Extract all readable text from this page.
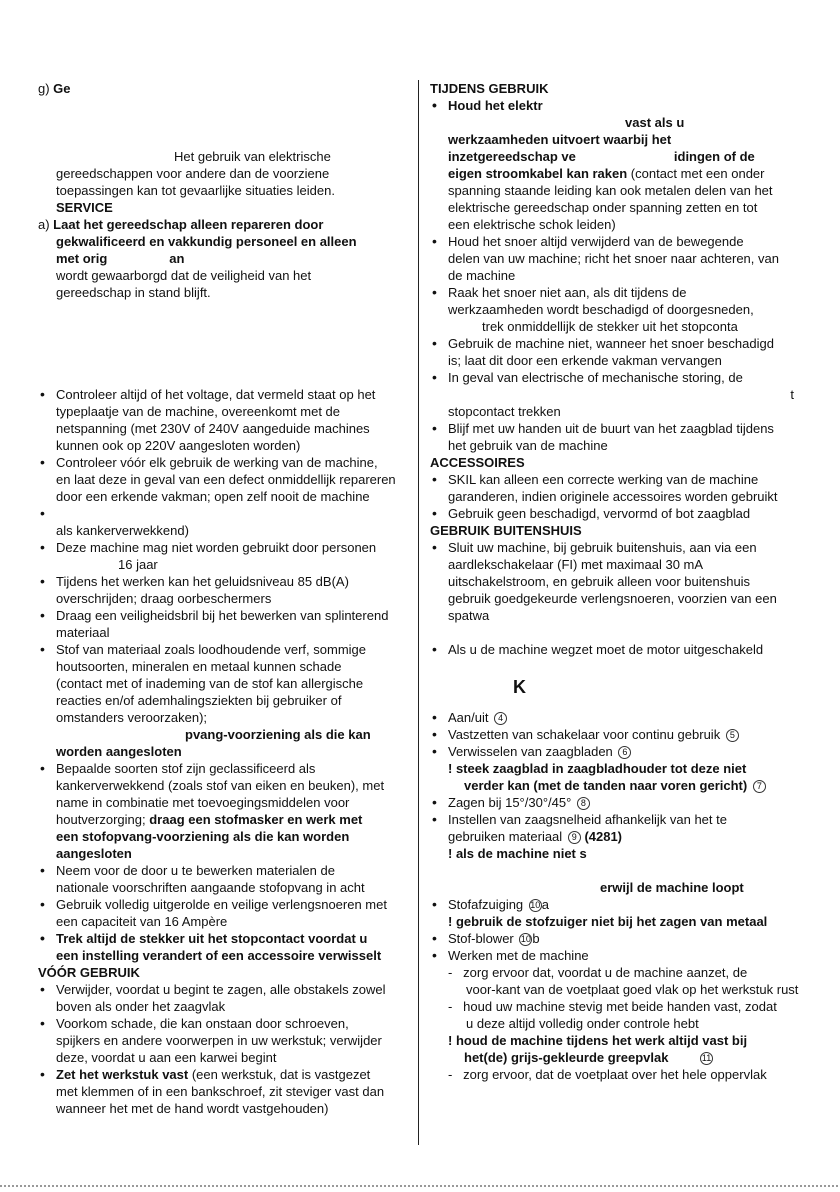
g) Ge
Het gebruik van elektrische
gereedschappen voor andere dan de voorziene
toepassingen kan tot gevaarlijke situaties leiden.
SERVICE
a) Laat het gereedschap alleen repareren door
gekwalificeerd en vakkundig personeel en alleen
met orig	an
wordt gewaarborgd dat de veiligheid van het
gereedschap in stand blijft.
• Controleer altijd of het voltage, dat vermeld staat op het
typeplaatje van de machine, overeenkomt met de
netspanning (met 230V of 240V aangeduide machines
kunnen ook op 220V aangesloten worden)
• Controleer vóór elk gebruik de werking van de machine,
en laat deze in geval van een defect onmiddellijk repareren
door een erkende vakman; open zelf nooit de machine
•
als kankerverwekkend)
• Deze machine mag niet worden gebruikt door personen
16 jaar
• Tijdens het werken kan het geluidsniveau 85 dB(A)
overschrijden; draag oorbeschermers
• Draag een veiligheidsbril bij het bewerken van splinterend
materiaal
• Stof van materiaal zoals loodhoudende verf, sommige
houtsoorten, mineralen en metaal kunnen schade
(contact met of inademing van de stof kan allergische
reacties en/of ademhalingsziekten bij gebruiker of
omstanders veroorzaken);
pvang-voorziening als die kan
worden aangesloten
• Bepaalde soorten stof zijn geclassificeerd als
kankerverwekkend (zoals stof van eiken en beuken), met
name in combinatie met toevoegingsmiddelen voor
houtverzorging; draag een stofmasker en werk met
een stofopvang-voorziening als die kan worden
aangesloten
• Neem voor de door u te bewerken materialen de
nationale voorschriften aangaande stofopvang in acht
• Gebruik volledig uitgerolde en veilige verlengsnoeren met
een capaciteit van 16 Ampère
• Trek altijd de stekker uit het stopcontact voordat u
een instelling verandert of een accessoire verwisselt
VÓÓR GEBRUIK
• Verwijder, voordat u begint te zagen, alle obstakels zowel
boven als onder het zaagvlak
• Voorkom schade, die kan onstaan door schroeven,
spijkers en andere voorwerpen in uw werkstuk; verwijder
deze, voordat u aan een karwei begint
• Zet het werkstuk vast (een werkstuk, dat is vastgezet
met klemmen of in een bankschroef, zit steviger vast dan
wanneer het met de hand wordt vastgehouden)
TIJDENS GEBRUIK
• Houd het elektr
vast als u
werkzaamheden uitvoert waarbij het
inzetgereedschap ve	idingen of de
eigen stroomkabel kan raken (contact met een onder
spanning staande leiding kan ook metalen delen van het
elektrische gereedschap onder spanning zetten en tot
een elektrische schok leiden)
• Houd het snoer altijd verwijderd van de bewegende
delen van uw machine; richt het snoer naar achteren, van
de machine
• Raak het snoer niet aan, als dit tijdens de
werkzaamheden wordt beschadigd of doorgesneden,
trek onmiddellijk de stekker uit het stopconta
• Gebruik de machine niet, wanneer het snoer beschadigd
is; laat dit door een erkende vakman vervangen
• In geval van electrische of mechanische storing, de
t
stopcontact trekken
• Blijf met uw handen uit de buurt van het zaagblad tijdens
het gebruik van de machine
ACCESSOIRES
• SKIL kan alleen een correcte werking van de machine
garanderen, indien originele accessoires worden gebruikt
• Gebruik geen beschadigd, vervormd of bot zaagblad
GEBRUIK BUITENSHUIS
• Sluit uw machine, bij gebruik buitenshuis, aan via een
aardlekschakelaar (FI) met maximaal 30 mA
uitschakelstroom, en gebruik alleen voor buitenshuis
gebruik goedgekeurde verlengsnoeren, voorzien van een
spatwa
• Als u de machine wegzet moet de motor uitgeschakeld
K
• Aan/uit 4
• Vastzetten van schakelaar voor continu gebruik 5
• Verwisselen van zaagbladen 6
! steek zaagblad in zaagbladhouder tot deze niet
verder kan (met de tanden naar voren gericht) 7
• Zagen bij 15°/30°/45° 8
• Instellen van zaagsnelheid afhankelijk van het te
gebruiken materiaal 9 (4281)
! als de machine niet s
erwijl de machine loopt
• Stofafzuiging 10 a
! gebruik de stofzuiger niet bij het zagen van metaal
• Stof-blower 10 b
• Werken met de machine
-   zorg ervoor dat, voordat u de machine aanzet, de
voor-kant van de voetplaat goed vlak op het werkstuk rust
-   houd uw machine stevig met beide handen vast, zodat
u deze altijd volledig onder controle hebt
! houd de machine tijdens het werk altijd vast bij
het(de) grijs-gekleurde greepvlak	11
-   zorg ervoor, dat de voetplaat over het hele oppervlak
